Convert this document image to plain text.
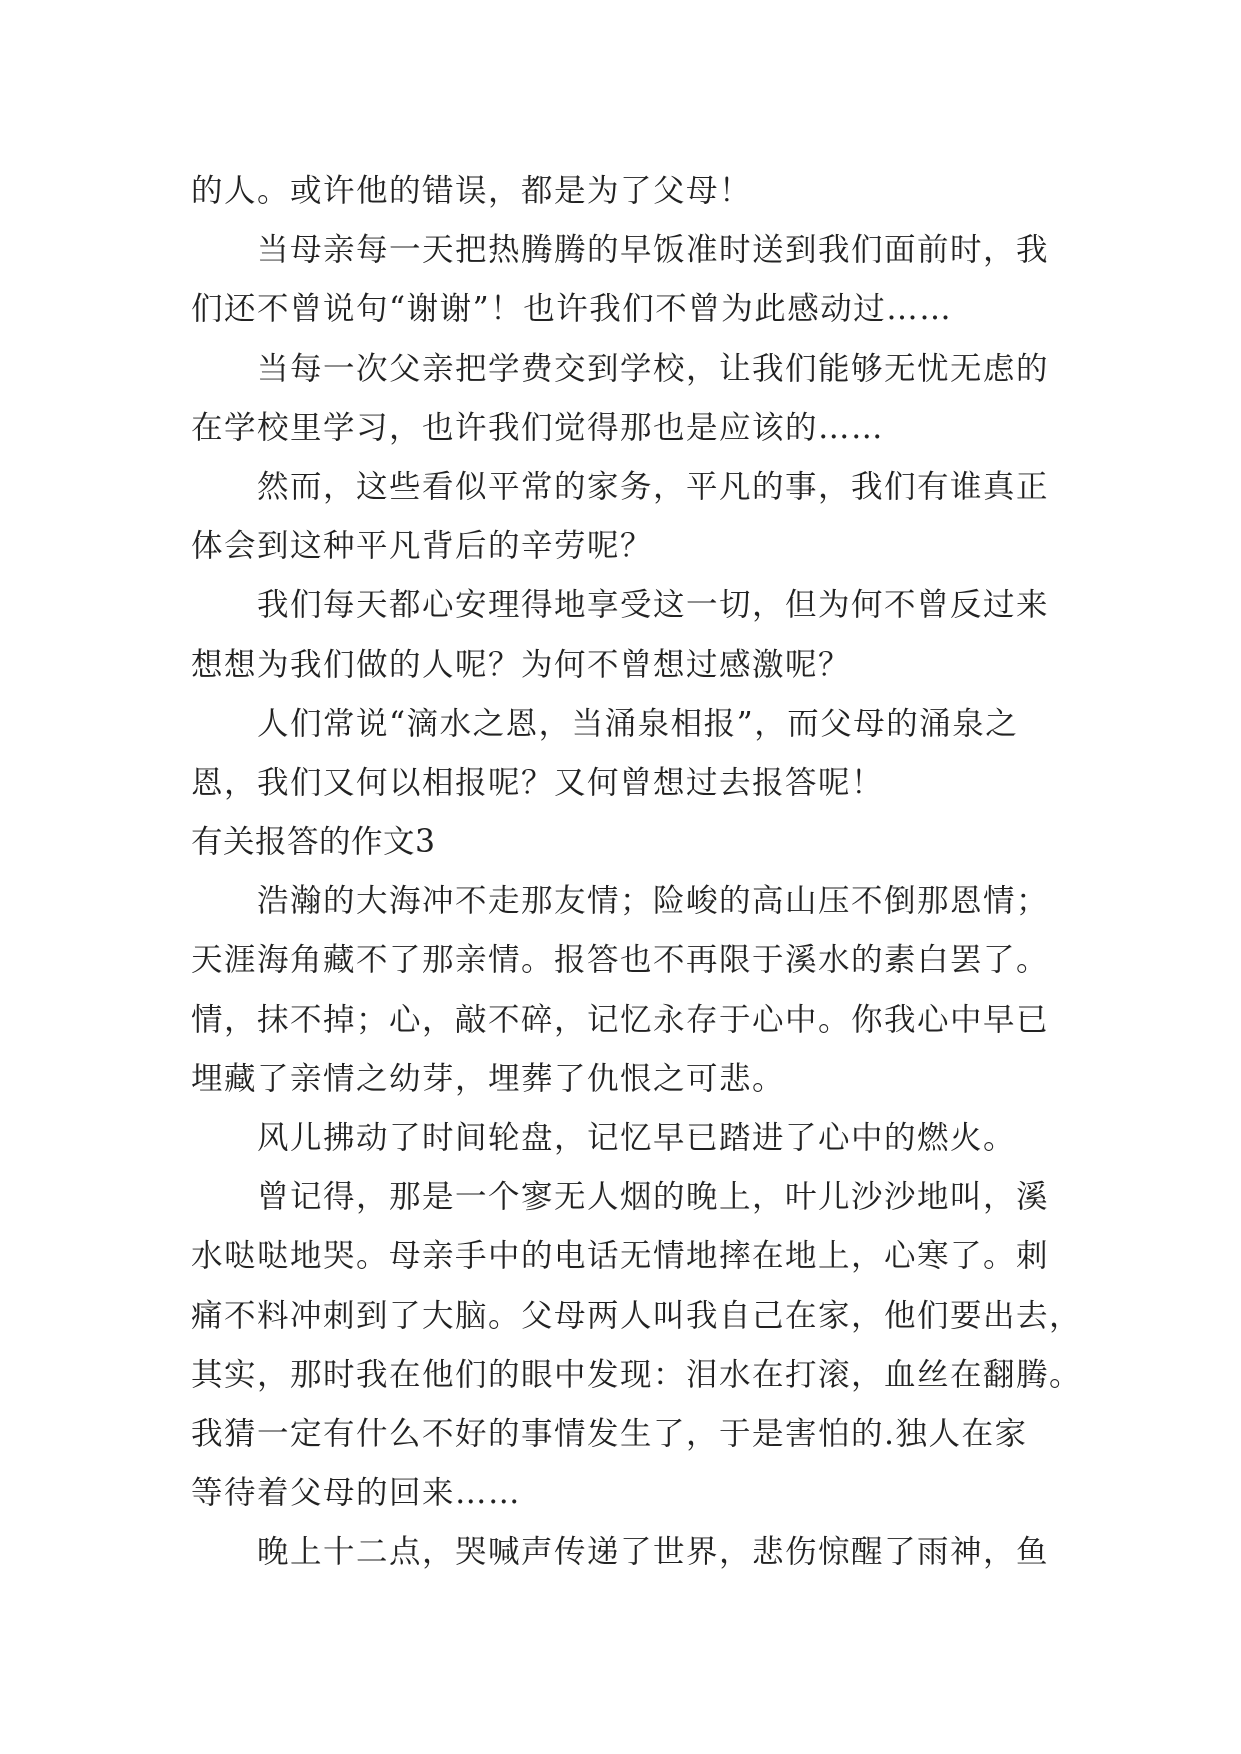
的人。或许他的错误，都是为了父母！
当母亲每一天把热腾腾的早饭准时送到我们面前时，我
们还不曾说句“谢谢”！也许我们不曾为此感动过……
当每一次父亲把学费交到学校，让我们能够无忧无虑的
在学校里学习，也许我们觉得那也是应该的……
然而，这些看似平常的家务，平凡的事，我们有谁真正
体会到这种平凡背后的辛劳呢？
我们每天都心安理得地享受这一切，但为何不曾反过来
想想为我们做的人呢？为何不曾想过感激呢？
人们常说“滴水之恩，当涌泉相报”，而父母的涌泉之
恩，我们又何以相报呢？又何曾想过去报答呢！
有关报答的作文3
浩瀚的大海冲不走那友情；险峻的高山压不倒那恩情；
天涯海角藏不了那亲情。报答也不再限于溪水的素白罢了。
情，抹不掉；心，敲不碎，记忆永存于心中。你我心中早已
埋藏了亲情之幼芽，埋葬了仇恨之可悲。
风儿拂动了时间轮盘，记忆早已踏进了心中的燃火。
曾记得，那是一个寥无人烟的晚上，叶儿沙沙地叫，溪
水哒哒地哭。母亲手中的电话无情地摔在地上，心寒了。刺
痛不料冲刺到了大脑。父母两人叫我自己在家，他们要出去，
其实，那时我在他们的眼中发现：泪水在打滚，血丝在翻腾。
我猜一定有什么不好的事情发生了，于是害怕的.独人在家
等待着父母的回来……
晚上十二点，哭喊声传递了世界，悲伤惊醒了雨神，鱼
